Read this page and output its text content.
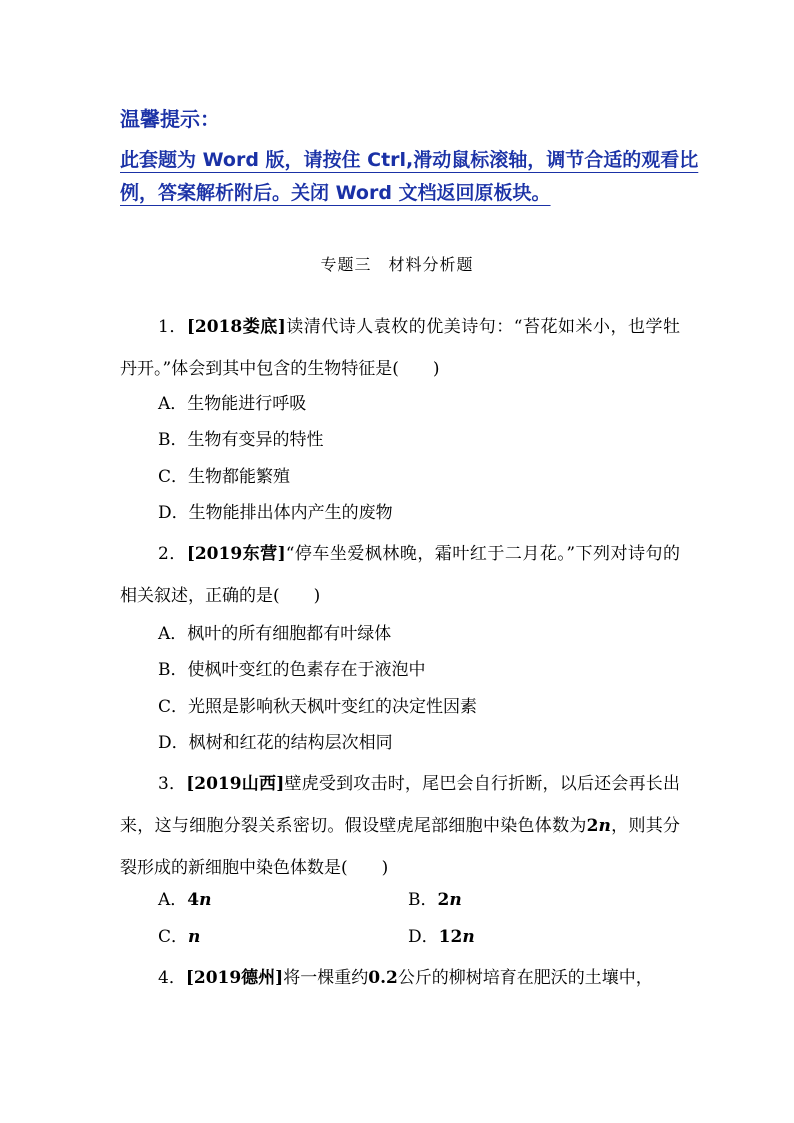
温馨提示：
此套题为 Word 版，请按住 Ctrl,滑动鼠标滚轴，调节合适的观看比例，答案解析附后。关闭 Word 文档返回原板块。
专题三　材料分析题
1．[2018娄底]读清代诗人袁枚的优美诗句：“苔花如米小，也学牡丹开。”体会到其中包含的生物特征是( )
A．生物能进行呼吸
B．生物有变异的特性
C．生物都能繁殖
D．生物能排出体内产生的废物
2．[2019东营]“停车坐爱枫林晚，霜叶红于二月花。”下列对诗句的相关叙述，正确的是( )
A．枫叶的所有细胞都有叶绿体
B．使枫叶变红的色素存在于液泡中
C．光照是影响秋天枫叶变红的决定性因素
D．枫树和红花的结构层次相同
3．[2019山西]壁虎受到攻击时，尾巴会自行折断，以后还会再长出来，这与细胞分裂关系密切。假设壁虎尾部细胞中染色体数为2n，则其分裂形成的新细胞中染色体数是( )
A．4n	B．2n
C．n	D．12n
4．[2019德州]将一棵重约0.2公斤的柳树培育在肥沃的土壤中，
